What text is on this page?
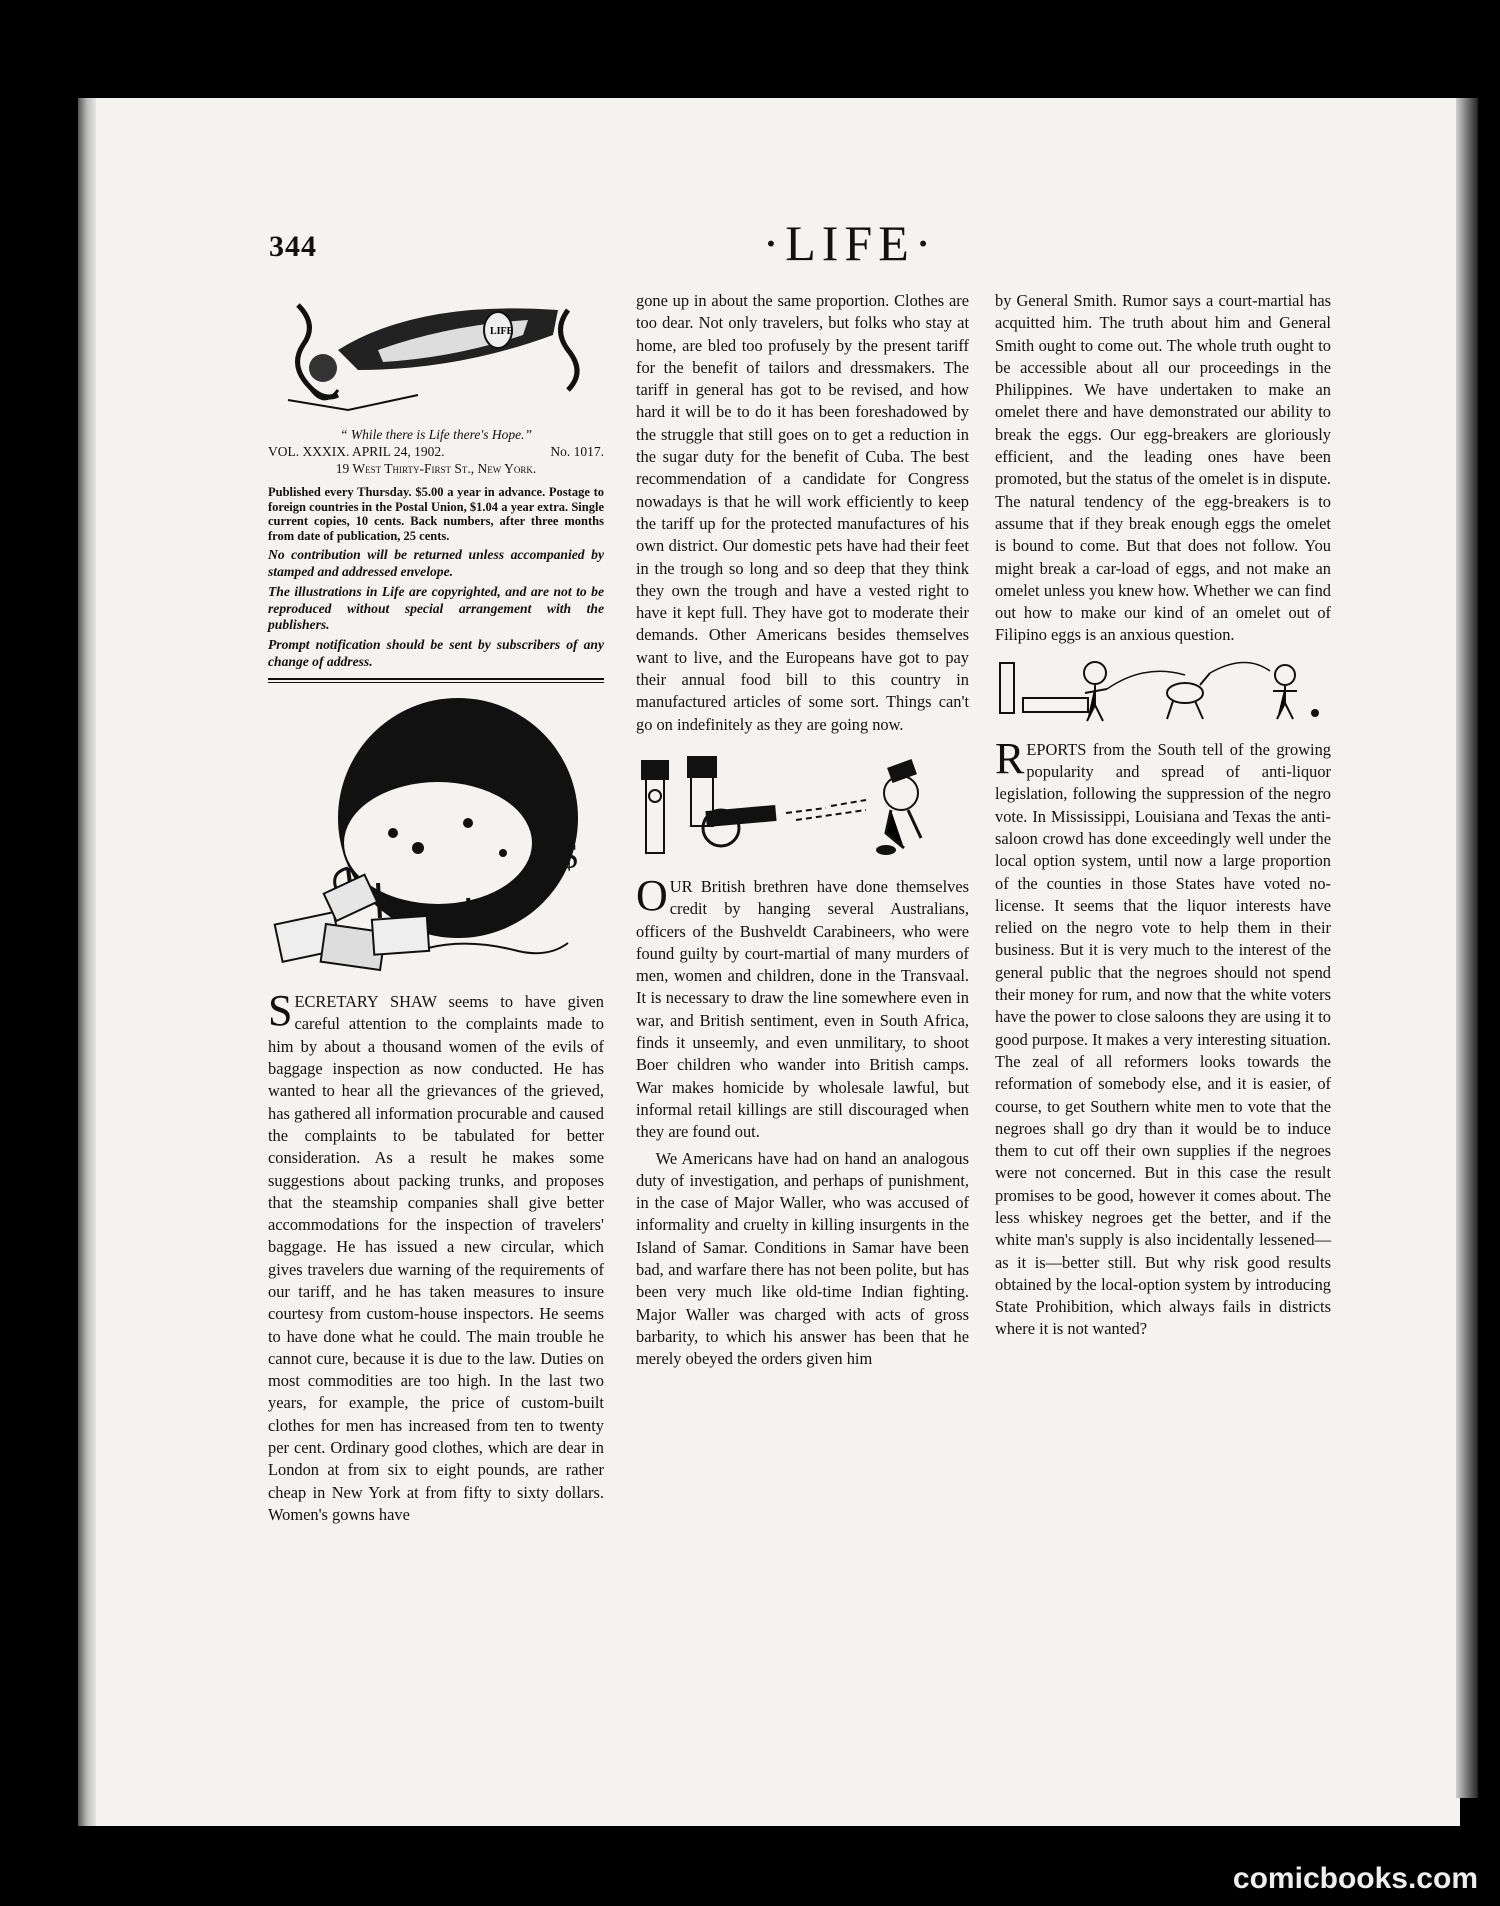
344	·LIFE·
LIFE
“ While there is Life there's Hope.”
VOL. XXXIX. APRIL 24, 1902.	No. 1017.
19 West Thirty-First St., New York.
Published every Thursday. $5.00 a year in advance. Postage to foreign countries in the Postal Union, $1.04 a year extra. Single current copies, 10 cents. Back numbers, after three months from date of publication, 25 cents.
No contribution will be returned unless accompanied by stamped and addressed envelope.
The illustrations in Life are copyrighted, and are not to be reproduced without special arrangement with the publishers.
Prompt notification should be sent by subscribers of any change of address.
$

SECRETARY SHAW seems to have given careful attention to the complaints made to him by about a thousand women of the evils of baggage inspection as now conducted. He has wanted to hear all the grievances of the grieved, has gathered all information procurable and caused the complaints to be tabulated for better consideration. As a result he makes some suggestions about packing trunks, and proposes that the steamship companies shall give better accommodations for the inspection of travelers' baggage. He has issued a new circular, which gives travelers due warning of the requirements of our tariff, and he has taken measures to insure courtesy from custom-house inspectors. He seems to have done what he could. The main trouble he cannot cure, because it is due to the law. Duties on most commodities are too high. In the last two years, for example, the price of custom-built clothes for men has increased from ten to twenty per cent. Ordinary good clothes, which are dear in London at from six to eight pounds, are rather cheap in New York at from fifty to sixty dollars. Women's gowns have

gone up in about the same proportion. Clothes are too dear. Not only travelers, but folks who stay at home, are bled too profusely by the present tariff for the benefit of tailors and dressmakers. The tariff in general has got to be revised, and how hard it will be to do it has been foreshadowed by the struggle that still goes on to get a reduction in the sugar duty for the benefit of Cuba. The best recommendation of a candidate for Congress nowadays is that he will work efficiently to keep the tariff up for the protected manufactures of his own district. Our domestic pets have had their feet in the trough so long and so deep that they think they own the trough and have a vested right to have it kept full. They have got to moderate their demands. Other Americans besides themselves want to live, and the Europeans have got to pay their annual food bill to this country in manufactured articles of some sort. Things can't go on indefinitely as they are going now.

OUR British brethren have done themselves credit by hanging several Australians, officers of the Bushveldt Carabineers, who were found guilty by court-martial of many murders of men, women and children, done in the Transvaal. It is necessary to draw the line somewhere even in war, and British sentiment, even in South Africa, finds it unseemly, and even unmilitary, to shoot Boer children who wander into British camps. War makes homicide by wholesale lawful, but informal retail killings are still discouraged when they are found out.

We Americans have had on hand an analogous duty of investigation, and perhaps of punishment, in the case of Major Waller, who was accused of informality and cruelty in killing insurgents in the Island of Samar. Conditions in Samar have been bad, and warfare there has not been polite, but has been very much like old-time Indian fighting. Major Waller was charged with acts of gross barbarity, to which his answer has been that he merely obeyed the orders given him

by General Smith. Rumor says a court-martial has acquitted him. The truth about him and General Smith ought to come out. The whole truth ought to be accessible about all our proceedings in the Philippines. We have undertaken to make an omelet there and have demonstrated our ability to break the eggs. Our egg-breakers are gloriously efficient, and the leading ones have been promoted, but the status of the omelet is in dispute. The natural tendency of the egg-breakers is to assume that if they break enough eggs the omelet is bound to come. But that does not follow. You might break a car-load of eggs, and not make an omelet unless you knew how. Whether we can find out how to make our kind of an omelet out of Filipino eggs is an anxious question.

REPORTS from the South tell of the growing popularity and spread of anti-liquor legislation, following the suppression of the negro vote. In Mississippi, Louisiana and Texas the anti-saloon crowd has done exceedingly well under the local option system, until now a large proportion of the counties in those States have voted no-license. It seems that the liquor interests have relied on the negro vote to help them in their business. But it is very much to the interest of the general public that the negroes should not spend their money for rum, and now that the white voters have the power to close saloons they are using it to good purpose. It makes a very interesting situation. The zeal of all reformers looks towards the reformation of somebody else, and it is easier, of course, to get Southern white men to vote that the negroes shall go dry than it would be to induce them to cut off their own supplies if the negroes were not concerned. But in this case the result promises to be good, however it comes about. The less whiskey negroes get the better, and if the white man's supply is also incidentally lessened—as it is—better still. But why risk good results obtained by the local-option system by introducing State Prohibition, which always fails in districts where it is not wanted?

comicbooks.com
